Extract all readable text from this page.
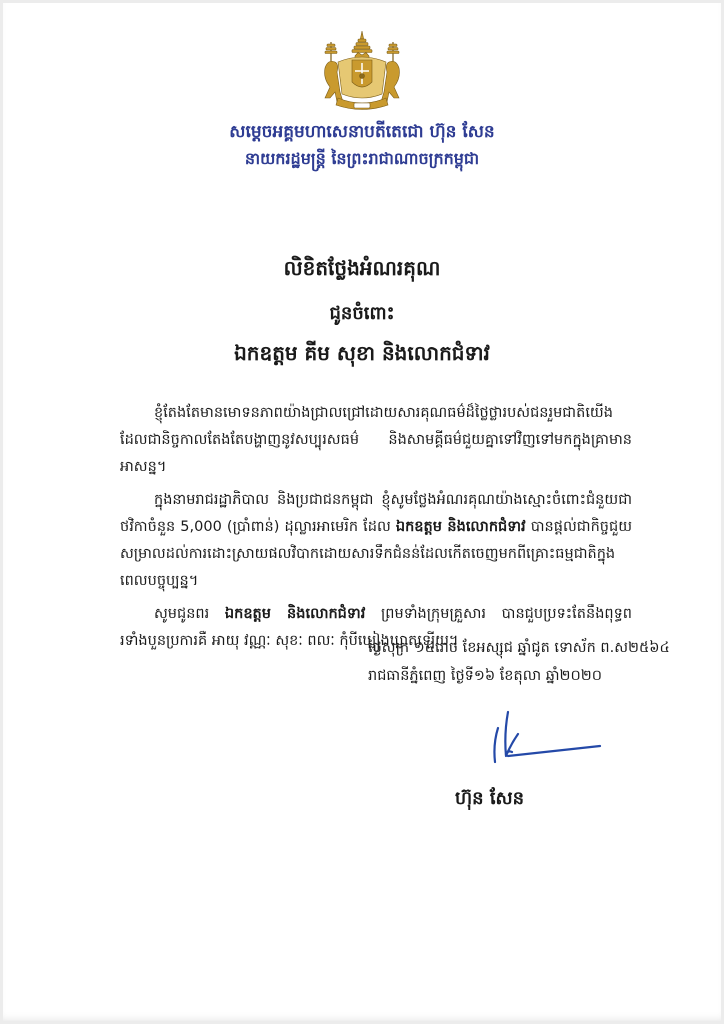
សម្តេចអគ្គមហាសេនាបតីតេជោ ហ៊ុន សែន
នាយករដ្ឋមន្ត្រី នៃព្រះរាជាណាចក្រកម្ពុជា
លិខិតថ្លែងអំណរគុណ
ជូនចំពោះ
ឯកឧត្តម គីម សុខា និងលោកជំទាវ

ខ្ញុំតែងតែមានមោទនភាពយ៉ាងជ្រាលជ្រៅដោយសារគុណធម៌ដ៏ថ្លៃថ្លារបស់ជនរួមជាតិយើង ដែលជានិច្ចកាលតែងតែបង្ហាញនូវសប្បុរសធម៌ និងសាមគ្គីធម៌ជួយគ្នាទៅវិញទៅមកក្នុងគ្រាមានអាសន្ន។

ក្នុងនាមរាជរដ្ឋាភិបាល និងប្រជាជនកម្ពុជា ខ្ញុំសូមថ្លែងអំណរគុណយ៉ាងស្មោះចំពោះជំនួយជាថវិកាចំនួន 5,000 (ប្រាំពាន់) ដុល្លារអាមេរិក ដែល ឯកឧត្តម និងលោកជំទាវ បានផ្តល់ជាកិច្ចជួយសម្រាលដល់ការដោះស្រាយផលវិបាកដោយសារទឹកជំនន់ដែលកើតចេញមកពីគ្រោះធម្មជាតិក្នុងពេលបច្ចុប្បន្ន។

សូមជូនពរ ឯកឧត្តម និងលោកជំទាវ ព្រមទាំងក្រុមគ្រួសារ បានជួបប្រទះតែនឹងពុទ្ធពរទាំងបួនប្រការគឺ អាយុ វណ្ណៈ សុខៈ ពលៈ កុំបីឃ្លៀងឃ្លាតឡើយ។

ថ្ងៃសុក្រ ១៤រោច ខែអស្សុជ ឆ្នាំជូត ទោស័ក ព.ស២៥៦៤
រាជធានីភ្នំពេញ ថ្ងៃទី១៦ ខែតុលា ឆ្នាំ២០២០
ហ៊ុន សែន
